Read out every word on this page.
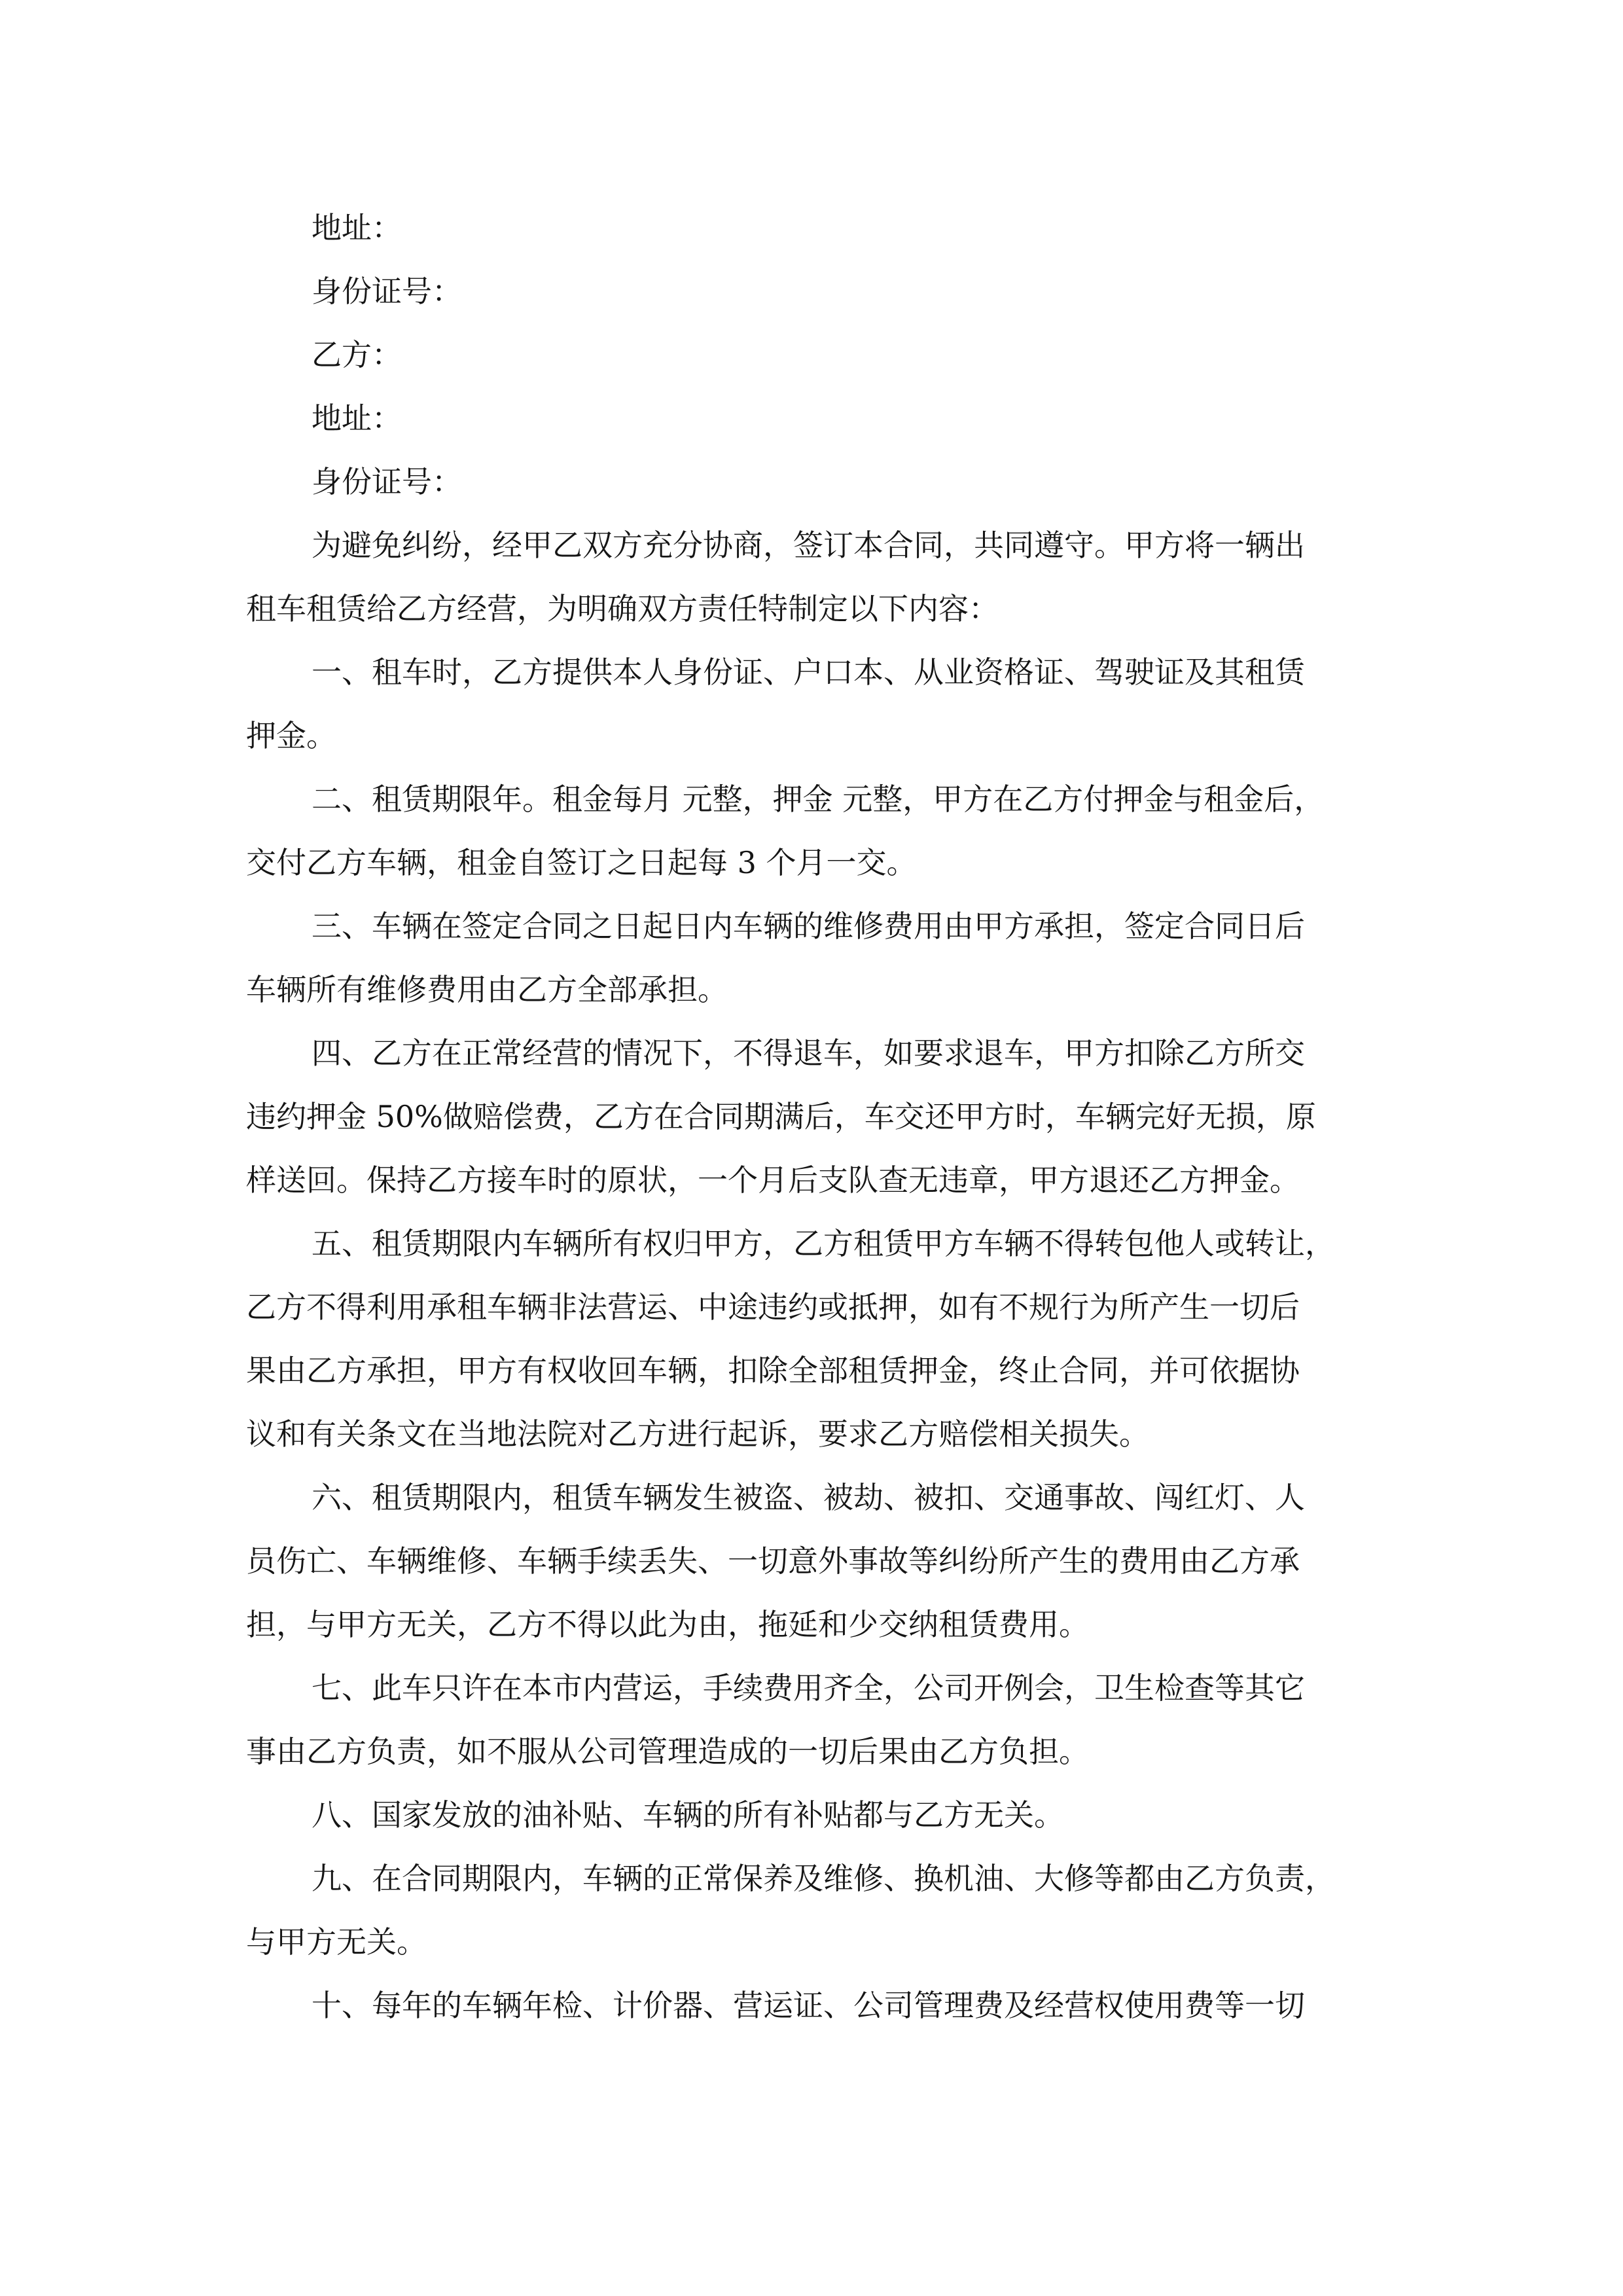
地址：
身份证号：
乙方：
地址：
身份证号：
为避免纠纷，经甲乙双方充分协商，签订本合同，共同遵守。甲方将一辆出
租车租赁给乙方经营，为明确双方责任特制定以下内容：
一、租车时，乙方提供本人身份证、户口本、从业资格证、驾驶证及其租赁
押金。
二、租赁期限年。租金每月 元整，押金 元整，甲方在乙方付押金与租金后，
交付乙方车辆，租金自签订之日起每 3 个月一交。
三、车辆在签定合同之日起日内车辆的维修费用由甲方承担，签定合同日后
车辆所有维修费用由乙方全部承担。
四、乙方在正常经营的情况下，不得退车，如要求退车，甲方扣除乙方所交
违约押金 50%做赔偿费，乙方在合同期满后，车交还甲方时，车辆完好无损，原
样送回。保持乙方接车时的原状，一个月后支队查无违章，甲方退还乙方押金。
五、租赁期限内车辆所有权归甲方，乙方租赁甲方车辆不得转包他人或转让，
乙方不得利用承租车辆非法营运、中途违约或抵押，如有不规行为所产生一切后
果由乙方承担，甲方有权收回车辆，扣除全部租赁押金，终止合同，并可依据协
议和有关条文在当地法院对乙方进行起诉，要求乙方赔偿相关损失。
六、租赁期限内，租赁车辆发生被盗、被劫、被扣、交通事故、闯红灯、人
员伤亡、车辆维修、车辆手续丢失、一切意外事故等纠纷所产生的费用由乙方承
担，与甲方无关，乙方不得以此为由，拖延和少交纳租赁费用。
七、此车只许在本市内营运，手续费用齐全，公司开例会，卫生检查等其它
事由乙方负责，如不服从公司管理造成的一切后果由乙方负担。
八、国家发放的油补贴、车辆的所有补贴都与乙方无关。
九、在合同期限内，车辆的正常保养及维修、换机油、大修等都由乙方负责，
与甲方无关。
十、每年的车辆年检、计价器、营运证、公司管理费及经营权使用费等一切
